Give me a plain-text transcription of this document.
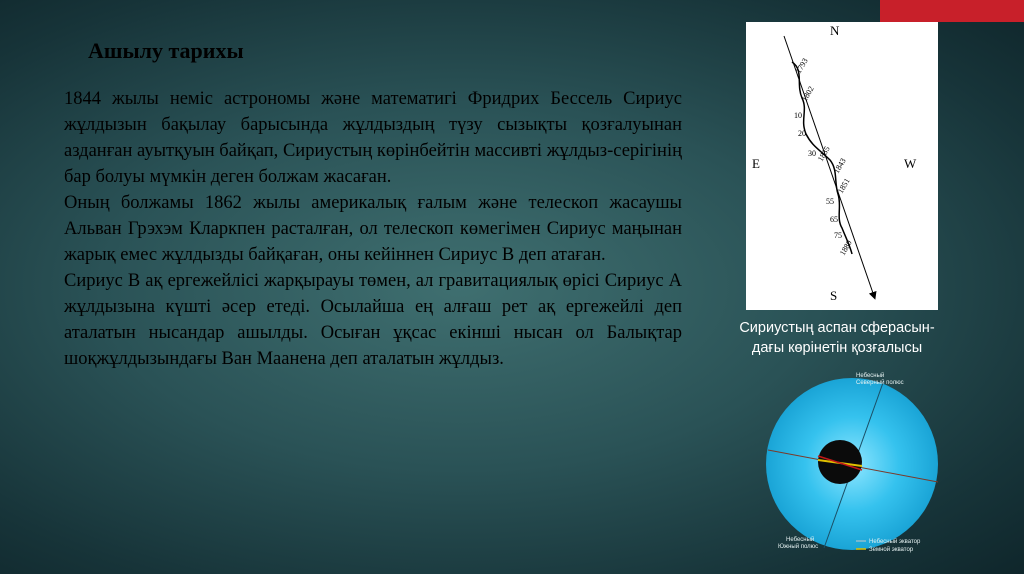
Ашылу тарихы

1844 жылы неміс астрономы және математигі Фридрих Бессель Сириус жұлдызын бақылау барысында жұлдыздың түзу сызықты қозғалуынан азданған ауытқуын байқап, Сириустың көрінбейтін массивті жұлдыз-серігінің бар болуы мүмкін деген болжам жасаған.

Оның болжамы 1862 жылы америкалық ғалым және телескоп жасаушы Альван Грэхэм Кларкпен расталған, ол телескоп көмегімен Сириус маңынан жарық емес жұлдызды байқаған, оны кейіннен Сириус В деп атаған.

Сириус В ақ ергежейлісі жарқырауы төмен, ал гравитациялық өрісі Сириус А жұлдызына күшті әсер етеді. Осылайша ең алғаш рет ақ ергежейлі деп аталатын нысандар ашылды. Осыған ұқсас екінші нысан ол Балықтар шоқжұлдызындағы Ван Мааненa деп аталатын жұлдыз.

N
S
E	W
1793
1802
10
20
30 1835
1843
1851
55
65
75
1880
Сириустың аспан сферасын-
дағы көрінетін қозғалысы
Небесный
Северный полюс
Небесный
Южный полюс
Небесный экватор
Земной экватор
